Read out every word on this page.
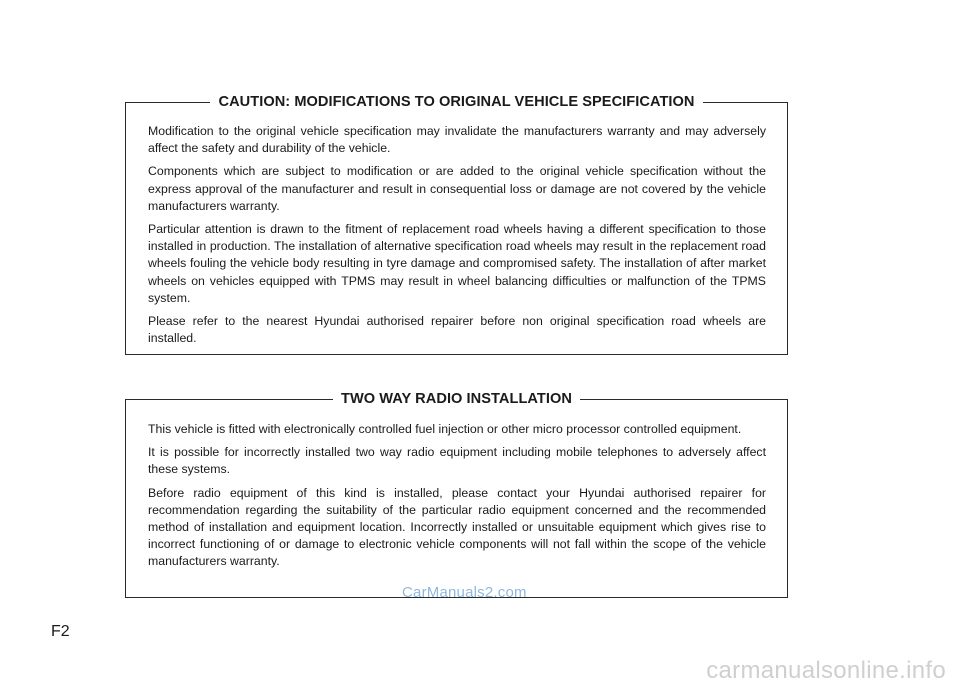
CAUTION: MODIFICATIONS TO ORIGINAL VEHICLE SPECIFICATION

Modification to the original vehicle specification may invalidate the manufacturers warranty and may adversely affect the safety and durability of the vehicle.

Components which are subject to modification or are added to the original vehicle specification without the express approval of the manufacturer and result in consequential loss or damage are not covered by the vehicle manufacturers warranty.

Particular attention is drawn to the fitment of replacement road wheels having a different specification to those installed in production. The installation of alternative specification road wheels may result in the replacement road wheels fouling the vehicle body resulting in tyre damage and compromised safety. The installation of after market wheels on vehicles equipped with TPMS may result in wheel balancing difficulties or malfunction of the TPMS system.

Please refer to the nearest Hyundai authorised repairer before non original specification road wheels are installed.

TWO WAY RADIO INSTALLATION

This vehicle is fitted with electronically controlled fuel injection or other micro processor controlled equipment.

It is possible for incorrectly installed two way radio equipment including mobile telephones to adversely affect these systems.

Before radio equipment of this kind is installed, please contact your Hyundai authorised repairer for recommendation regarding the suitability of the particular radio equipment concerned and the recommended method of installation and equipment location. Incorrectly installed or unsuitable equipment which gives rise to incorrect functioning of or damage to electronic vehicle components will not fall within the scope of the vehicle manufacturers warranty.

CarManuals2.com
F2
carmanualsonline.info
